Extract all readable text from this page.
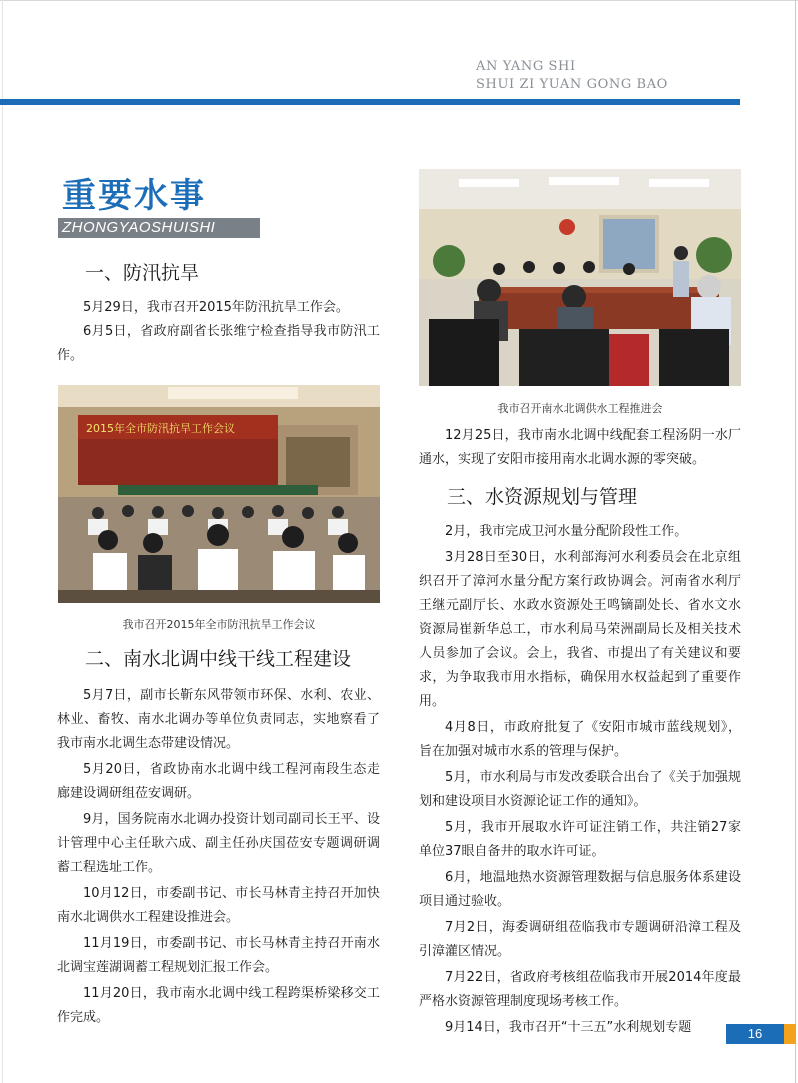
AN YANG SHI
SHUI ZI YUAN GONG BAO
重要水事
ZHONGYAOSHUISHI
一、防汛抗旱

5月29日，我市召开2015年防汛抗旱工作会。

6月5日，省政府副省长张维宁检查指导我市防汛工作。

2015年全市防汛抗旱工作会议
我市召开2015年全市防汛抗旱工作会议
二、南水北调中线干线工程建设

5月7日，副市长靳东风带领市环保、水利、农业、林业、畜牧、南水北调办等单位负责同志，实地察看了我市南水北调生态带建设情况。

5月20日，省政协南水北调中线工程河南段生态走廊建设调研组莅安调研。

9月，国务院南水北调办投资计划司副司长王平、设计管理中心主任耿六成、副主任孙庆国莅安专题调研调蓄工程选址工作。

10月12日，市委副书记、市长马林青主持召开加快南水北调供水工程建设推进会。

11月19日，市委副书记、市长马林青主持召开南水北调宝莲湖调蓄工程规划汇报工作会。

11月20日，我市南水北调中线工程跨渠桥梁移交工作完成。

我市召开南水北调供水工程推进会

12月25日，我市南水北调中线配套工程汤阴一水厂通水，实现了安阳市接用南水北调水源的零突破。

三、水资源规划与管理

2月，我市完成卫河水量分配阶段性工作。

3月28日至30日，水利部海河水利委员会在北京组织召开了漳河水量分配方案行政协调会。河南省水利厅王继元副厅长、水政水资源处王鸣镝副处长、省水文水资源局崔新华总工，市水利局马荣洲副局长及相关技术人员参加了会议。会上，我省、市提出了有关建议和要求，为争取我市用水指标，确保用水权益起到了重要作用。

4月8日，市政府批复了《安阳市城市蓝线规划》，旨在加强对城市水系的管理与保护。

5月，市水利局与市发改委联合出台了《关于加强规划和建设项目水资源论证工作的通知》。

5月，我市开展取水许可证注销工作，共注销27家单位37眼自备井的取水许可证。

6月，地温地热水资源管理数据与信息服务体系建设项目通过验收。

7月2日，海委调研组莅临我市专题调研沿漳工程及引漳灌区情况。

7月22日，省政府考核组莅临我市开展2014年度最严格水资源管理制度现场考核工作。

9月14日，我市召开“十三五”水利规划专题	16
